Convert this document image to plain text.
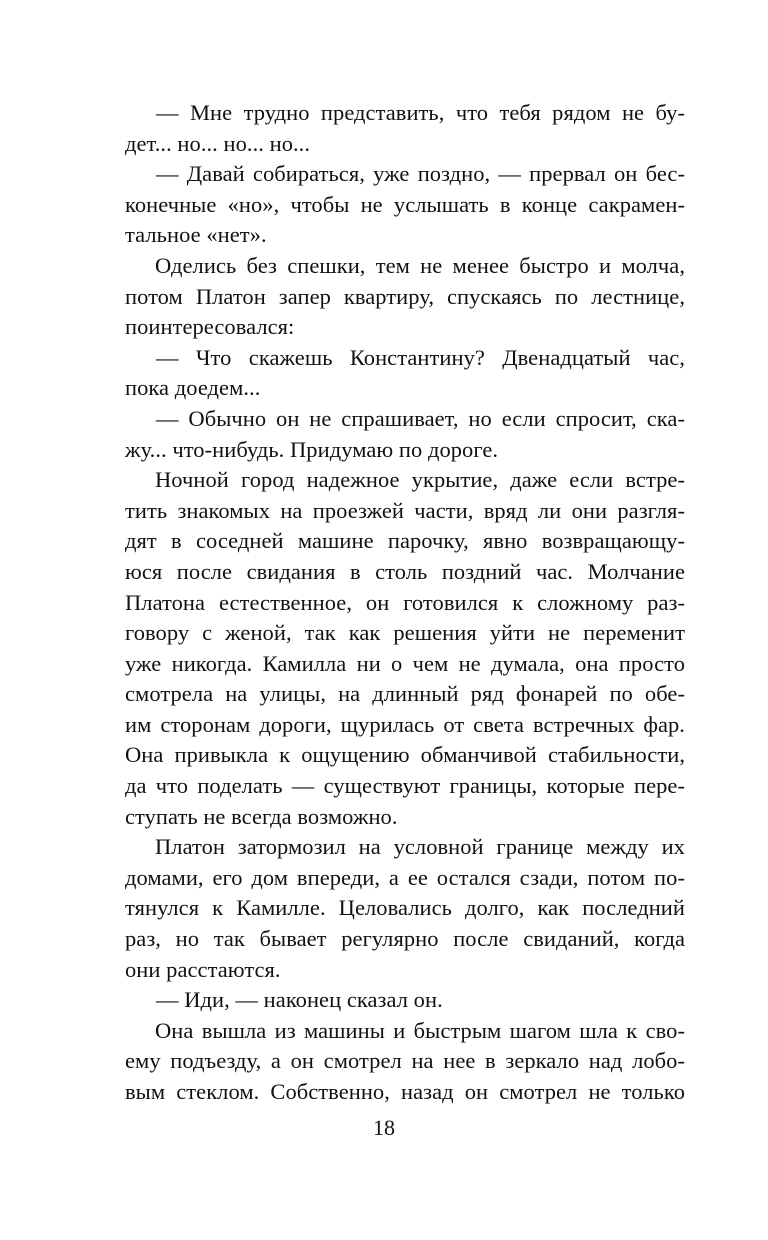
— Мне трудно представить, что тебя рядом не бу-
дет... но... но... но...
— Давай собираться, уже поздно, — прервал он бес-
конечные «но», чтобы не услышать в конце сакрамен-
тальное «нет».
Оделись без спешки, тем не менее быстро и молча,
потом Платон запер квартиру, спускаясь по лестнице,
поинтересовался:
— Что скажешь Константину? Двенадцатый час,
пока доедем...
— Обычно он не спрашивает, но если спросит, ска-
жу... что-нибудь. Придумаю по дороге.
Ночной город надежное укрытие, даже если встре-
тить знакомых на проезжей части, вряд ли они разгля-
дят в соседней машине парочку, явно возвращающу-
юся после свидания в столь поздний час. Молчание
Платона естественное, он готовился к сложному раз-
говору с женой, так как решения уйти не переменит
уже никогда. Камилла ни о чем не думала, она просто
смотрела на улицы, на длинный ряд фонарей по обе-
им сторонам дороги, щурилась от света встречных фар.
Она привыкла к ощущению обманчивой стабильности,
да что поделать — существуют границы, которые пере-
ступать не всегда возможно.
Платон затормозил на условной границе между их
домами, его дом впереди, а ее остался сзади, потом по-
тянулся к Камилле. Целовались долго, как последний
раз, но так бывает регулярно после свиданий, когда
они расстаются.
— Иди, — наконец сказал он.
Она вышла из машины и быстрым шагом шла к сво-
ему подъезду, а он смотрел на нее в зеркало над лобо-
вым стеклом. Собственно, назад он смотрел не только
18
